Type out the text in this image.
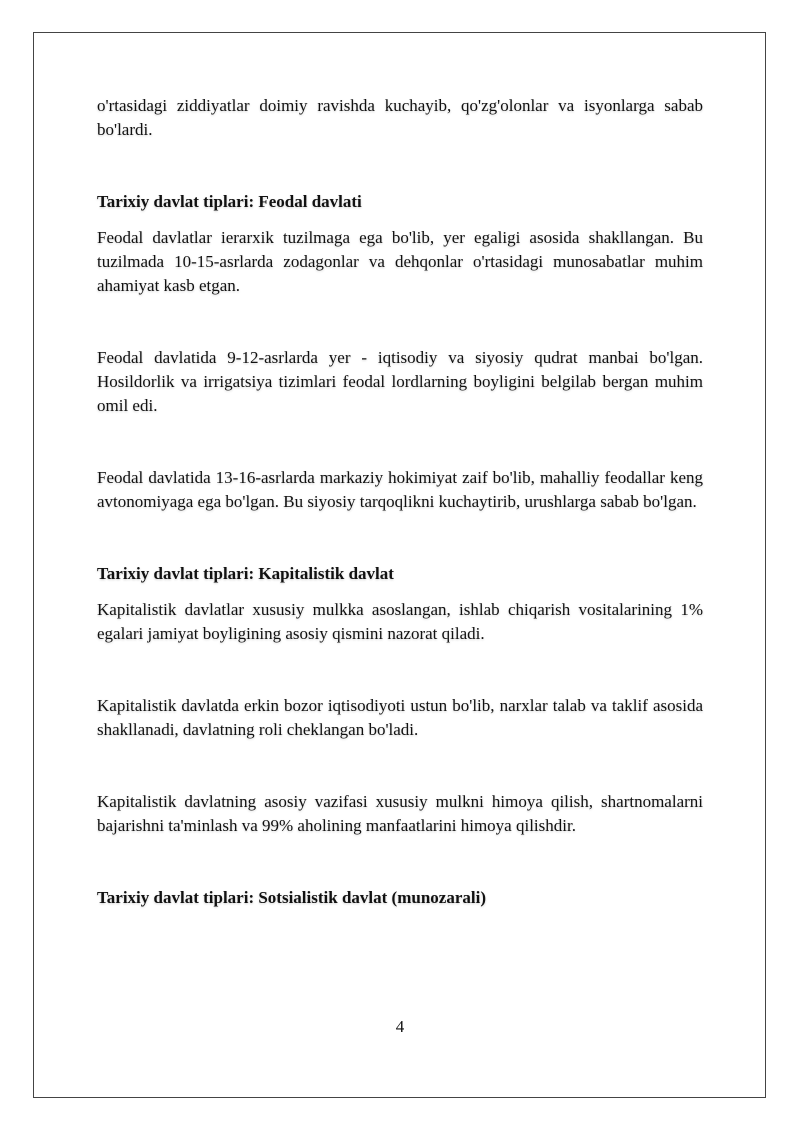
o'rtasidagi ziddiyatlar doimiy ravishda kuchayib, qo'zg'olonlar va isyonlarga sabab bo'lardi.

Tarixiy davlat tiplari: Feodal davlati

Feodal davlatlar ierarxik tuzilmaga ega bo'lib, yer egaligi asosida shakllangan. Bu tuzilmada 10-15-asrlarda zodagonlar va dehqonlar o'rtasidagi munosabatlar muhim ahamiyat kasb etgan.

Feodal davlatida 9-12-asrlarda yer - iqtisodiy va siyosiy qudrat manbai bo'lgan. Hosildorlik va irrigatsiya tizimlari feodal lordlarning boyligini belgilab bergan muhim omil edi.

Feodal davlatida 13-16-asrlarda markaziy hokimiyat zaif bo'lib, mahalliy feodallar keng avtonomiyaga ega bo'lgan. Bu siyosiy tarqoqlikni kuchaytirib, urushlarga sabab bo'lgan.

Tarixiy davlat tiplari: Kapitalistik davlat

Kapitalistik davlatlar xususiy mulkka asoslangan, ishlab chiqarish vositalarining 1% egalari jamiyat boyligining asosiy qismini nazorat qiladi.

Kapitalistik davlatda erkin bozor iqtisodiyoti ustun bo'lib, narxlar talab va taklif asosida shakllanadi, davlatning roli cheklangan bo'ladi.

Kapitalistik davlatning asosiy vazifasi xususiy mulkni himoya qilish, shartnomalarni bajarishni ta'minlash va 99% aholining manfaatlarini himoya qilishdir.

Tarixiy davlat tiplari: Sotsialistik davlat (munozarali)
4
